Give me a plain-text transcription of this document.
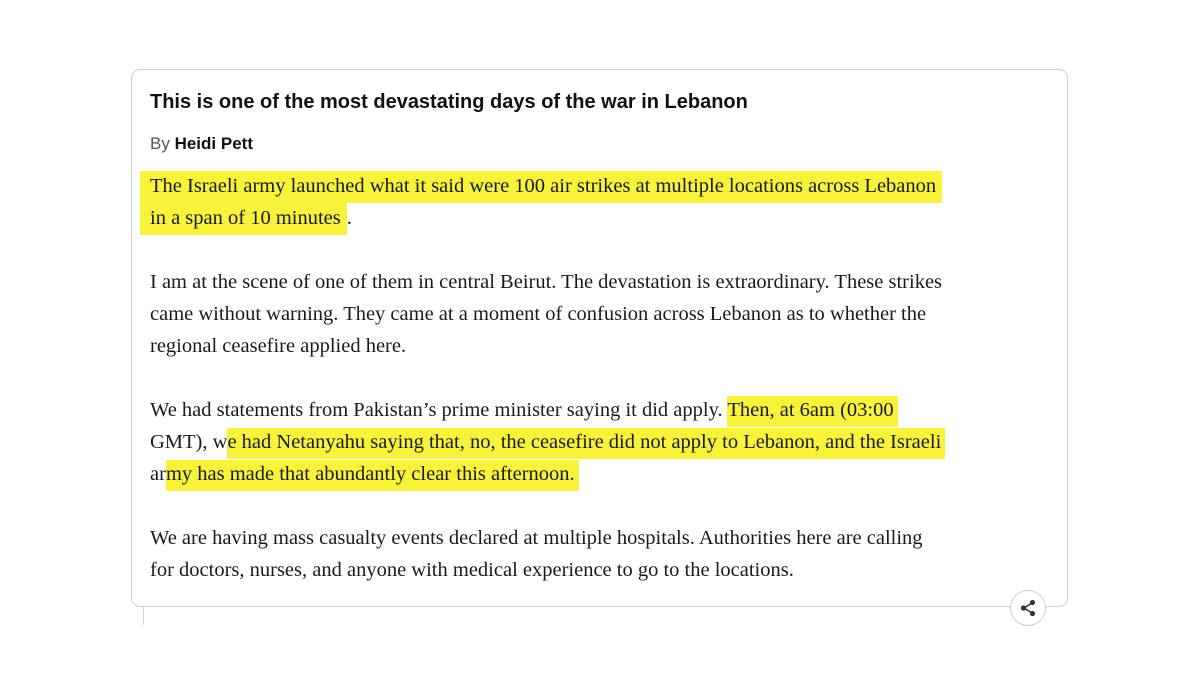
This is one of the most devastating days of the war in Lebanon
By Heidi Pett

The Israeli army launched what it said were 100 air strikes at multiple locations across Lebanon
in a span of 10 minutes .

I am at the scene of one of them in central Beirut. The devastation is extraordinary. These strikes
came without warning. They came at a moment of confusion across Lebanon as to whether the
regional ceasefire applied here.

We had statements from Pakistan’s prime minister saying it did apply. Then, at 6am (03:00
GMT), we had Netanyahu saying that, no, the ceasefire did not apply to Lebanon, and the Israeli
army has made that abundantly clear this afternoon.

We are having mass casualty events declared at multiple hospitals. Authorities here are calling
for doctors, nurses, and anyone with medical experience to go to the locations.
